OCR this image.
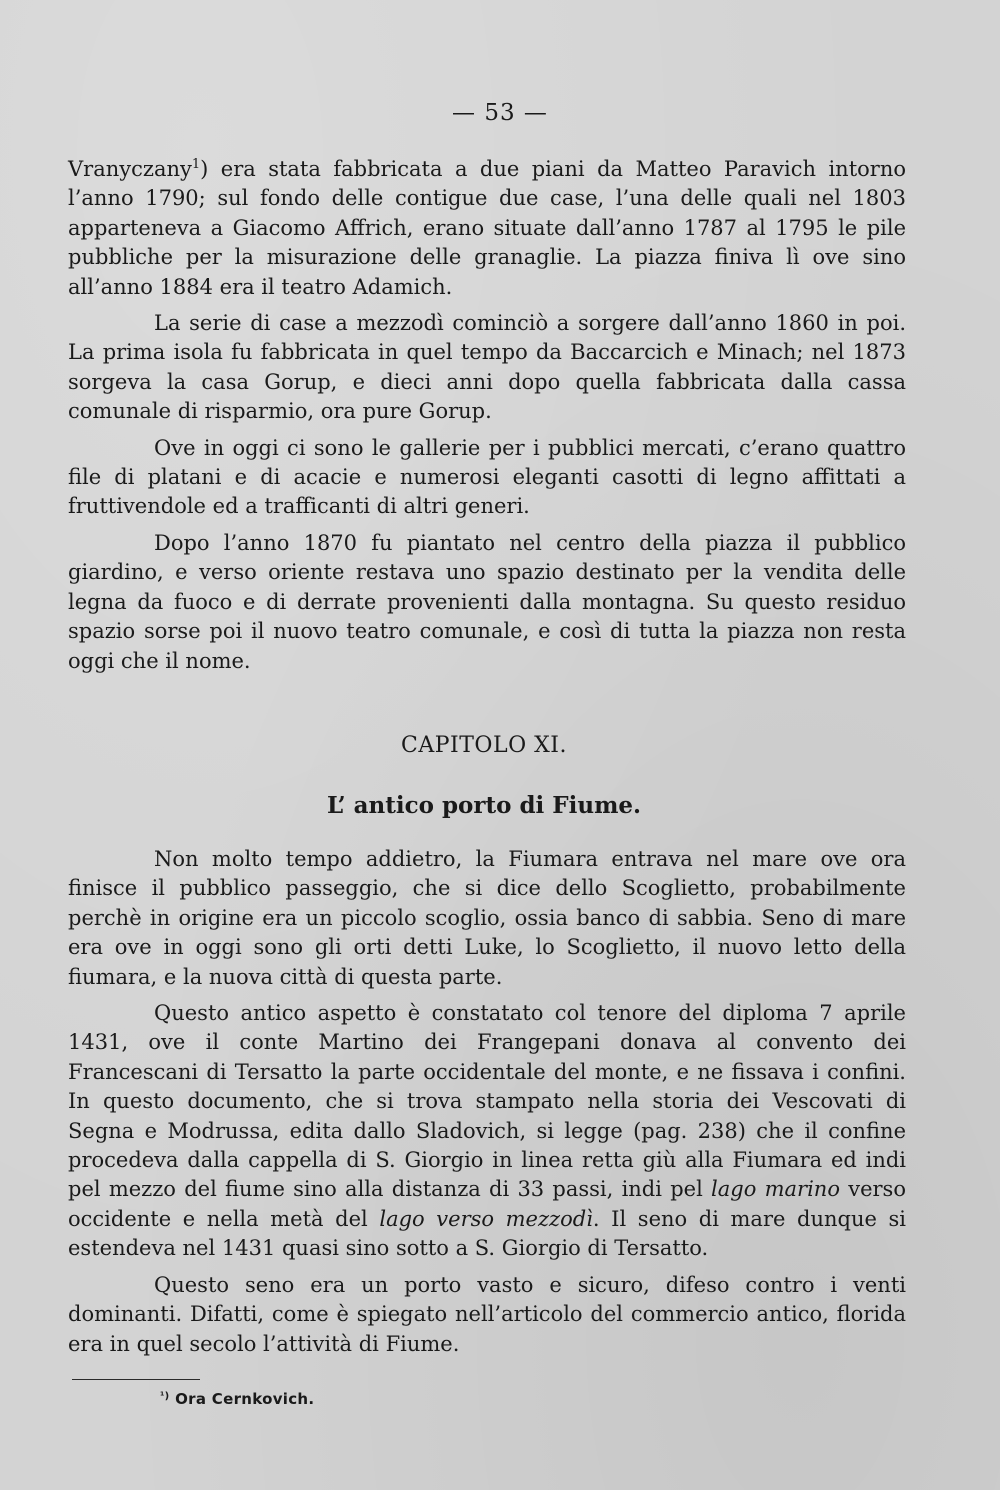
— 53 —

Vranyczany$^1$) era stata fabbricata a due piani da Matteo Paravich intorno l’anno 1790; sul fondo delle contigue due case, l’una delle quali nel 1803 apparteneva a Giacomo Affrich, erano situate dall’anno 1787 al 1795 le pile pubbliche per la misurazione delle granaglie. La piazza finiva lì ove sino all’anno 1884 era il teatro Adamich.

La serie di case a mezzodì cominciò a sorgere dall’anno 1860 in poi. La prima isola fu fabbricata in quel tempo da Baccarcich e Minach; nel 1873 sorgeva la casa Gorup, e dieci anni dopo quella fabbricata dalla cassa comunale di risparmio, ora pure Gorup.

Ove in oggi ci sono le gallerie per i pubblici mercati, c’erano quattro file di platani e di acacie e numerosi eleganti casotti di legno affittati a fruttivendole ed a trafficanti di altri generi.

Dopo l’anno 1870 fu piantato nel centro della piazza il pubblico giardino, e verso oriente restava uno spazio destinato per la vendita delle legna da fuoco e di derrate provenienti dalla montagna. Su questo residuo spazio sorse poi il nuovo teatro comunale, e così di tutta la piazza non resta oggi che il nome.

CAPITOLO XI.
L’ antico porto di Fiume.

Non molto tempo addietro, la Fiumara entrava nel mare ove ora finisce il pubblico passeggio, che si dice dello Scoglietto, probabilmente perchè in origine era un piccolo scoglio, ossia banco di sabbia. Seno di mare era ove in oggi sono gli orti detti Luke, lo Scoglietto, il nuovo letto della fiumara, e la nuova città di questa parte.

Questo antico aspetto è constatato col tenore del diploma 7 aprile 1431, ove il conte Martino dei Frangepani donava al convento dei Francescani di Tersatto la parte occidentale del monte, e ne fissava i confini. In questo documento, che si trova stampato nella storia dei Vescovati di Segna e Modrussa, edita dallo Sladovich, si legge (pag. 238) che il confine procedeva dalla cappella di S. Giorgio in linea retta giù alla Fiumara ed indi pel mezzo del fiume sino alla distanza di 33 passi, indi pel lago marino verso occidente e nella metà del lago verso mezzodì. Il seno di mare dunque si estendeva nel 1431 quasi sino sotto a S. Giorgio di Tersatto.

Questo seno era un porto vasto e sicuro, difeso contro i venti dominanti. Difatti, come è spiegato nell’articolo del commercio antico, florida era in quel secolo l’attività di Fiume.

$^{^1)}$ Ora Cernkovich.
